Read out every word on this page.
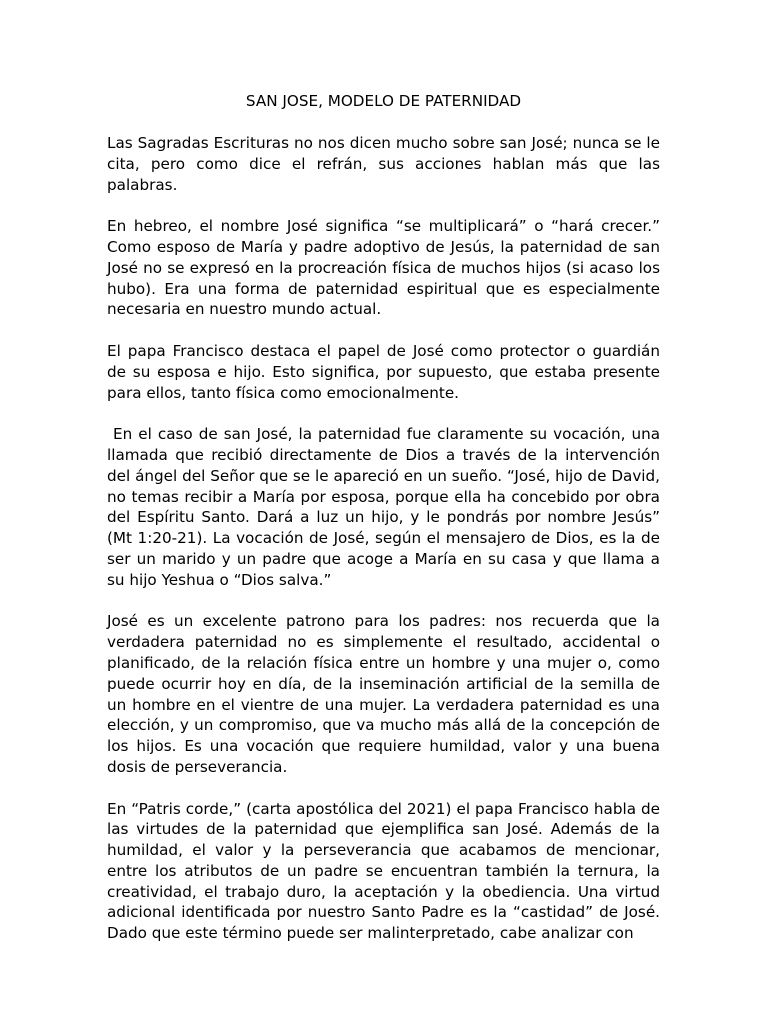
SAN JOSE, MODELO DE PATERNIDAD

Las Sagradas Escrituras no nos dicen mucho sobre san José; nunca se le cita, pero como dice el refrán, sus acciones hablan más que las palabras.

En hebreo, el nombre José significa “se multiplicará” o “hará crecer.” Como esposo de María y padre adoptivo de Jesús, la paternidad de san José no se expresó en la procreación física de muchos hijos (si acaso los hubo). Era una forma de paternidad espiritual que es especialmente necesaria en nuestro mundo actual.

El papa Francisco destaca el papel de José como protector o guardián de su esposa e hijo. Esto significa, por supuesto, que estaba presente para ellos, tanto física como emocionalmente.

En el caso de san José, la paternidad fue claramente su vocación, una llamada que recibió directamente de Dios a través de la intervención del ángel del Señor que se le apareció en un sueño. “José, hijo de David, no temas recibir a María por esposa, porque ella ha concebido por obra del Espíritu Santo. Dará a luz un hijo, y le pondrás por nombre Jesús” (Mt 1:20-21). La vocación de José, según el mensajero de Dios, es la de ser un marido y un padre que acoge a María en su casa y que llama a su hijo Yeshua o “Dios salva.”

José es un excelente patrono para los padres: nos recuerda que la verdadera paternidad no es simplemente el resultado, accidental o planificado, de la relación física entre un hombre y una mujer o, como puede ocurrir hoy en día, de la inseminación artificial de la semilla de un hombre en el vientre de una mujer. La verdadera paternidad es una elección, y un compromiso, que va mucho más allá de la concepción de los hijos. Es una vocación que requiere humildad, valor y una buena dosis de perseverancia.

En “Patris corde,” (carta apostólica del 2021) el papa Francisco habla de las virtudes de la paternidad que ejemplifica san José. Además de la humildad, el valor y la perseverancia que acabamos de mencionar, entre los atributos de un padre se encuentran también la ternura, la creatividad, el trabajo duro, la aceptación y la obediencia. Una virtud adicional identificada por nuestro Santo Padre es la “castidad” de José. Dado que este término puede ser malinterpretado, cabe analizar con
